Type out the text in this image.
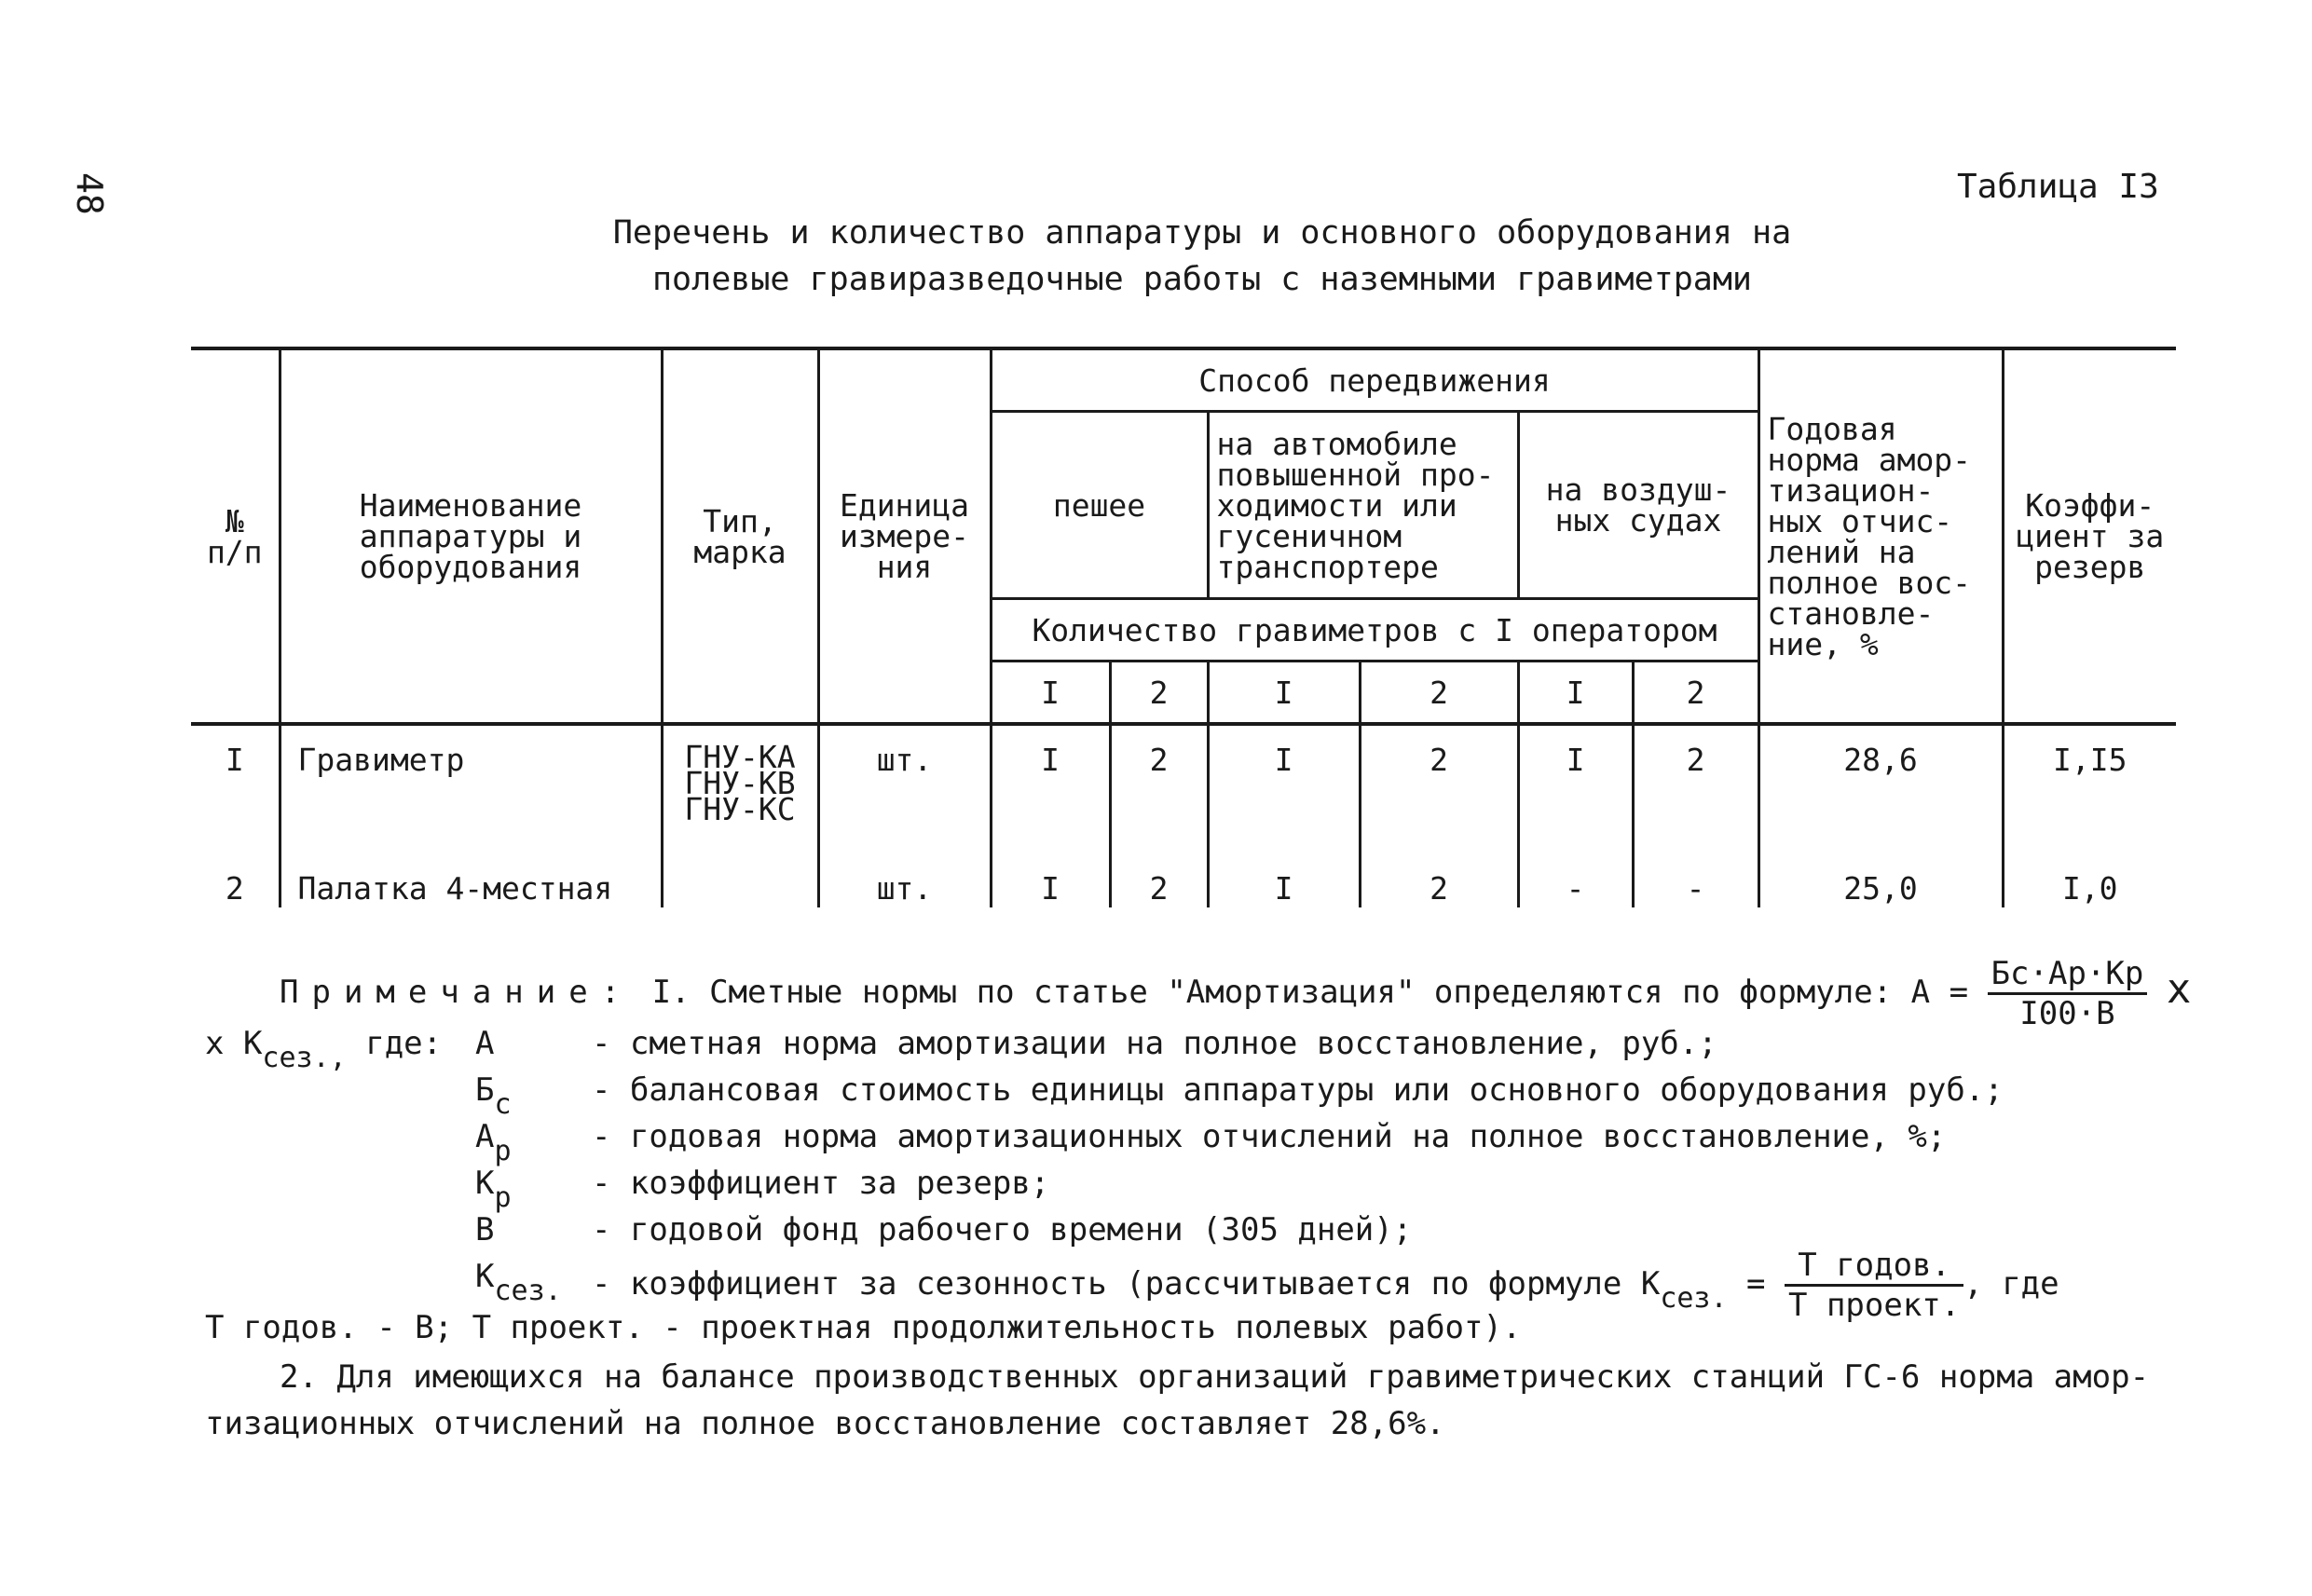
48	Таблица I3
Перечень и количество аппаратуры и основного оборудования на
полевые гравиразведочные работы с наземными гравиметрами
№ п/п	Наименование аппаратуры и оборудования	Тип, марка	Единица измере- ния	Способ передвижения						Годовая норма амор- тизацион- ных отчис- лений на полное вос- становле- ние, %	Коэффи- циент за резерв
				пешее		на автомобиле повышенной про- ходимости или гусеничном транспортере		на воздуш- ных судах			
				Количество гравиметров с I оператором							
				I	2	I	2	I	2		
I	Гравиметр	ГНУ-КА
ГНУ-КВ
ГНУ-КС	шт.	I	2	I	2	I	2	28,6	I,I5
2	Палатка 4-местная		шт.	I	2	I	2	-	-	25,0	I,0
Примечание: I. Сметные нормы по статье "Амортизация" определяются по формуле: $А = \frac{Бс\cdot Ар\cdot Кр}{I00\cdot В}$ х
х Ксез., где: А	- сметная норма амортизации на полное восстановление, руб.;
Бс	- балансовая стоимость единицы аппаратуры или основного оборудования руб.;
Ар	- годовая норма амортизационных отчислений на полное восстановление, %;
Кр	- коэффициент за резерв;
В	- годовой фонд рабочего времени (305 дней);
Ксез. - коэффициент за сезонность (рассчитывается по формуле Ксез. = $\frac{\text{Т годов.}}{\text{Т проект.}}$ , где
Т годов. - В; Т проект. - проектная продолжительность полевых работ).
2. Для имеющихся на балансе производственных организаций гравиметрических станций ГС-6 норма амор-
тизационных отчислений на полное восстановление составляет 28,6%.
